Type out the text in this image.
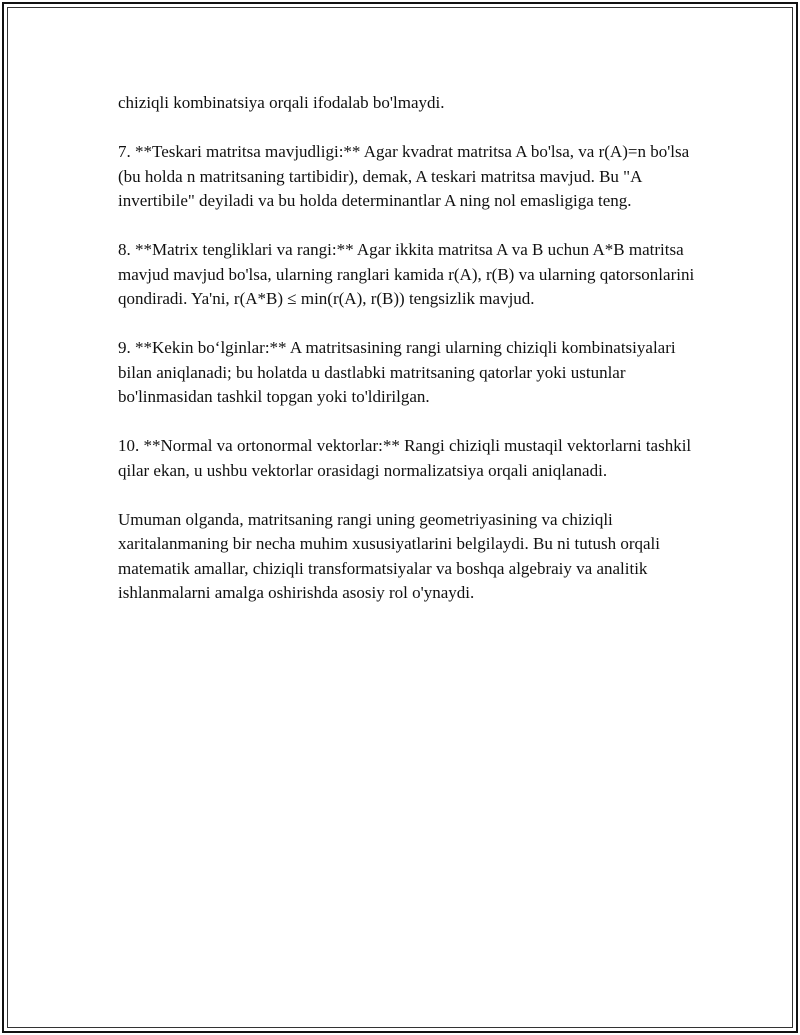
chiziqli kombinatsiya orqali ifodalab bo'lmaydi.

7. **Teskari matritsa mavjudligi:** Agar kvadrat matritsa A bo'lsa, va r(A)=n bo'lsa (bu holda n matritsaning tartibidir), demak, A teskari matritsa mavjud. Bu "A invertibile" deyiladi va bu holda determinantlar A ning nol emasligiga teng.

8. **Matrix tengliklari va rangi:** Agar ikkita matritsa A va B uchun A*B matritsa mavjud mavjud bo'lsa, ularning ranglari kamida r(A), r(B) va ularning qatorsonlarini qondiradi. Ya'ni, r(A*B) ≤ min(r(A), r(B)) tengsizlik mavjud.

9. **Kekin bo‘lginlar:** A matritsasining rangi ularning chiziqli kombinatsiyalari bilan aniqlanadi; bu holatda u dastlabki matritsaning qatorlar yoki ustunlar bo'linmasidan tashkil topgan yoki to'ldirilgan.

10. **Normal va ortonormal vektorlar:** Rangi chiziqli mustaqil vektorlarni tashkil qilar ekan, u ushbu vektorlar orasidagi normalizatsiya orqali aniqlanadi.

Umuman olganda, matritsaning rangi uning geometriyasining va chiziqli xaritalanmaning bir necha muhim xususiyatlarini belgilaydi. Bu ni tutush orqali matematik amallar, chiziqli transformatsiyalar va boshqa algebraiy va analitik ishlanmalarni amalga oshirishda asosiy rol o'ynaydi.
